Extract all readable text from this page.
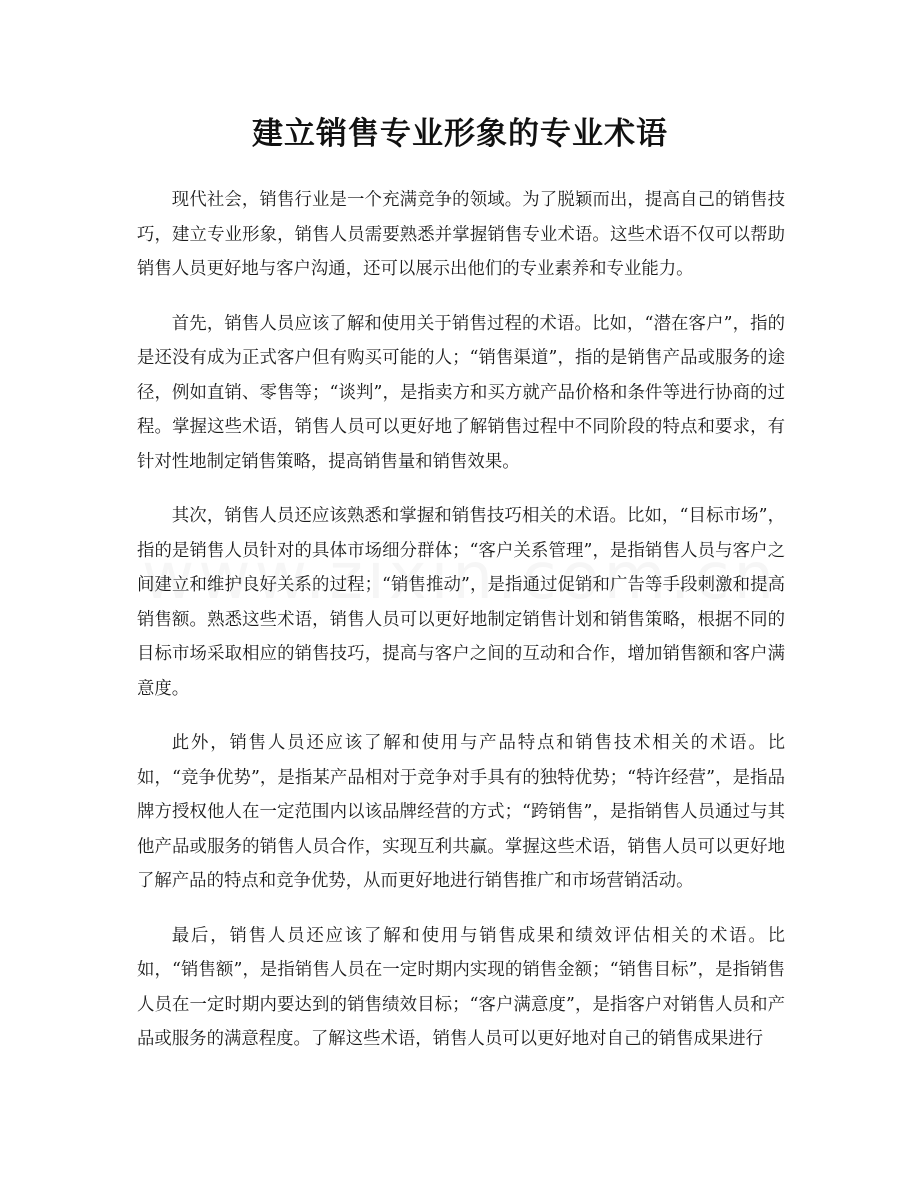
建立销售专业形象的专业术语

现代社会，销售行业是一个充满竞争的领域。为了脱颖而出，提高自己的销售技巧，建立专业形象，销售人员需要熟悉并掌握销售专业术语。这些术语不仅可以帮助销售人员更好地与客户沟通，还可以展示出他们的专业素养和专业能力。

首先，销售人员应该了解和使用关于销售过程的术语。比如，“潜在客户”，指的是还没有成为正式客户但有购买可能的人；“销售渠道”，指的是销售产品或服务的途径，例如直销、零售等；“谈判”，是指卖方和买方就产品价格和条件等进行协商的过程。掌握这些术语，销售人员可以更好地了解销售过程中不同阶段的特点和要求，有针对性地制定销售策略，提高销售量和销售效果。

其次，销售人员还应该熟悉和掌握和销售技巧相关的术语。比如，“目标市场”，指的是销售人员针对的具体市场细分群体；“客户关系管理”，是指销售人员与客户之间建立和维护良好关系的过程；“销售推动”，是指通过促销和广告等手段刺激和提高销售额。熟悉这些术语，销售人员可以更好地制定销售计划和销售策略，根据不同的目标市场采取相应的销售技巧，提高与客户之间的互动和合作，增加销售额和客户满意度。

此外，销售人员还应该了解和使用与产品特点和销售技术相关的术语。比如，“竞争优势”，是指某产品相对于竞争对手具有的独特优势；“特许经营”，是指品牌方授权他人在一定范围内以该品牌经营的方式；“跨销售”，是指销售人员通过与其他产品或服务的销售人员合作，实现互利共赢。掌握这些术语，销售人员可以更好地了解产品的特点和竞争优势，从而更好地进行销售推广和市场营销活动。

最后，销售人员还应该了解和使用与销售成果和绩效评估相关的术语。比如，“销售额”，是指销售人员在一定时期内实现的销售金额；“销售目标”，是指销售人员在一定时期内要达到的销售绩效目标；“客户满意度”，是指客户对销售人员和产品或服务的满意程度。了解这些术语，销售人员可以更好地对自己的销售成果进行
